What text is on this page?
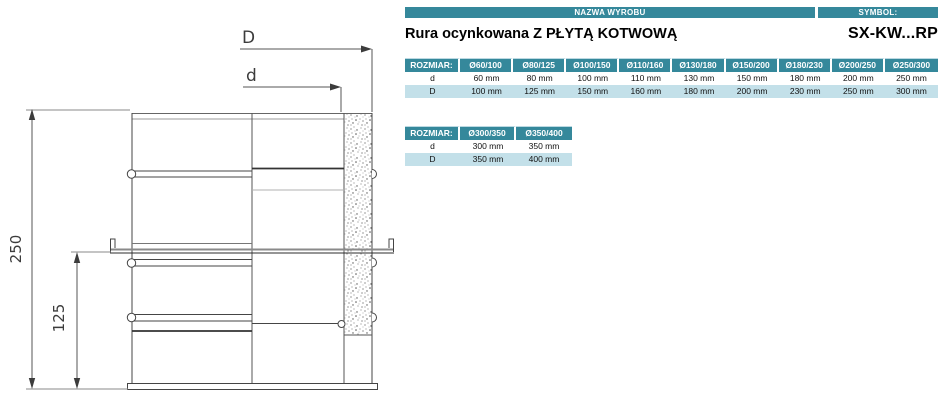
D
d
250
125
NAZWA WYROBU	SYMBOL:
Rura ocynkowana Z PŁYTĄ KOTWOWĄ	SX-KW...RP
ROZMIAR:	Ø60/100	Ø80/125	Ø100/150	Ø110/160	Ø130/180	Ø150/200	Ø180/230	Ø200/250	Ø250/300
d	60 mm	80 mm	100 mm	110 mm	130 mm	150 mm	180 mm	200 mm	250 mm
D	100 mm	125 mm	150 mm	160 mm	180 mm	200 mm	230 mm	250 mm	300 mm
ROZMIAR:	Ø300/350	Ø350/400
d	300 mm	350 mm
D	350 mm	400 mm
